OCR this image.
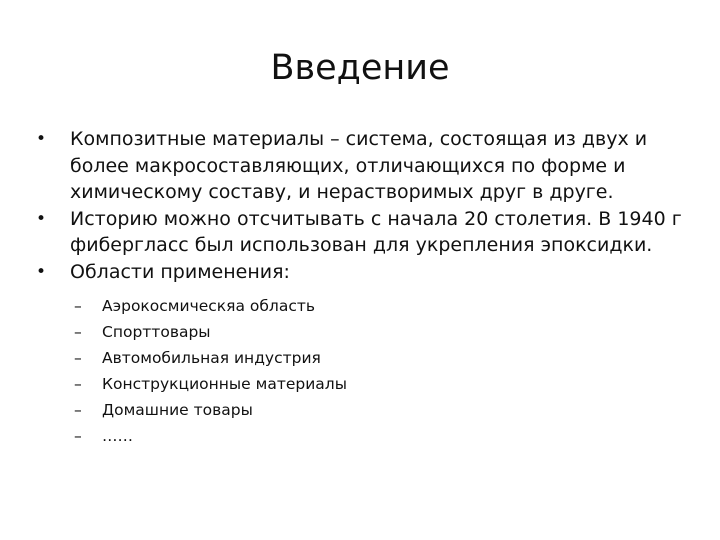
Введение
•	Композитные материалы – система, состоящая из двух и
более макросоставляющих, отличающихся по форме и
химическому составу, и нерастворимых друг в друге.
•	Историю можно отсчитывать с начала 20 столетия. В 1940 г
фибергласс был использован для укрепления эпоксидки.
•	Области применения:
– Аэрокосмическяа область
– Спорттовары
– Автомобильная индустрия
– Конструкционные материалы
– Домашние товары
– ……
